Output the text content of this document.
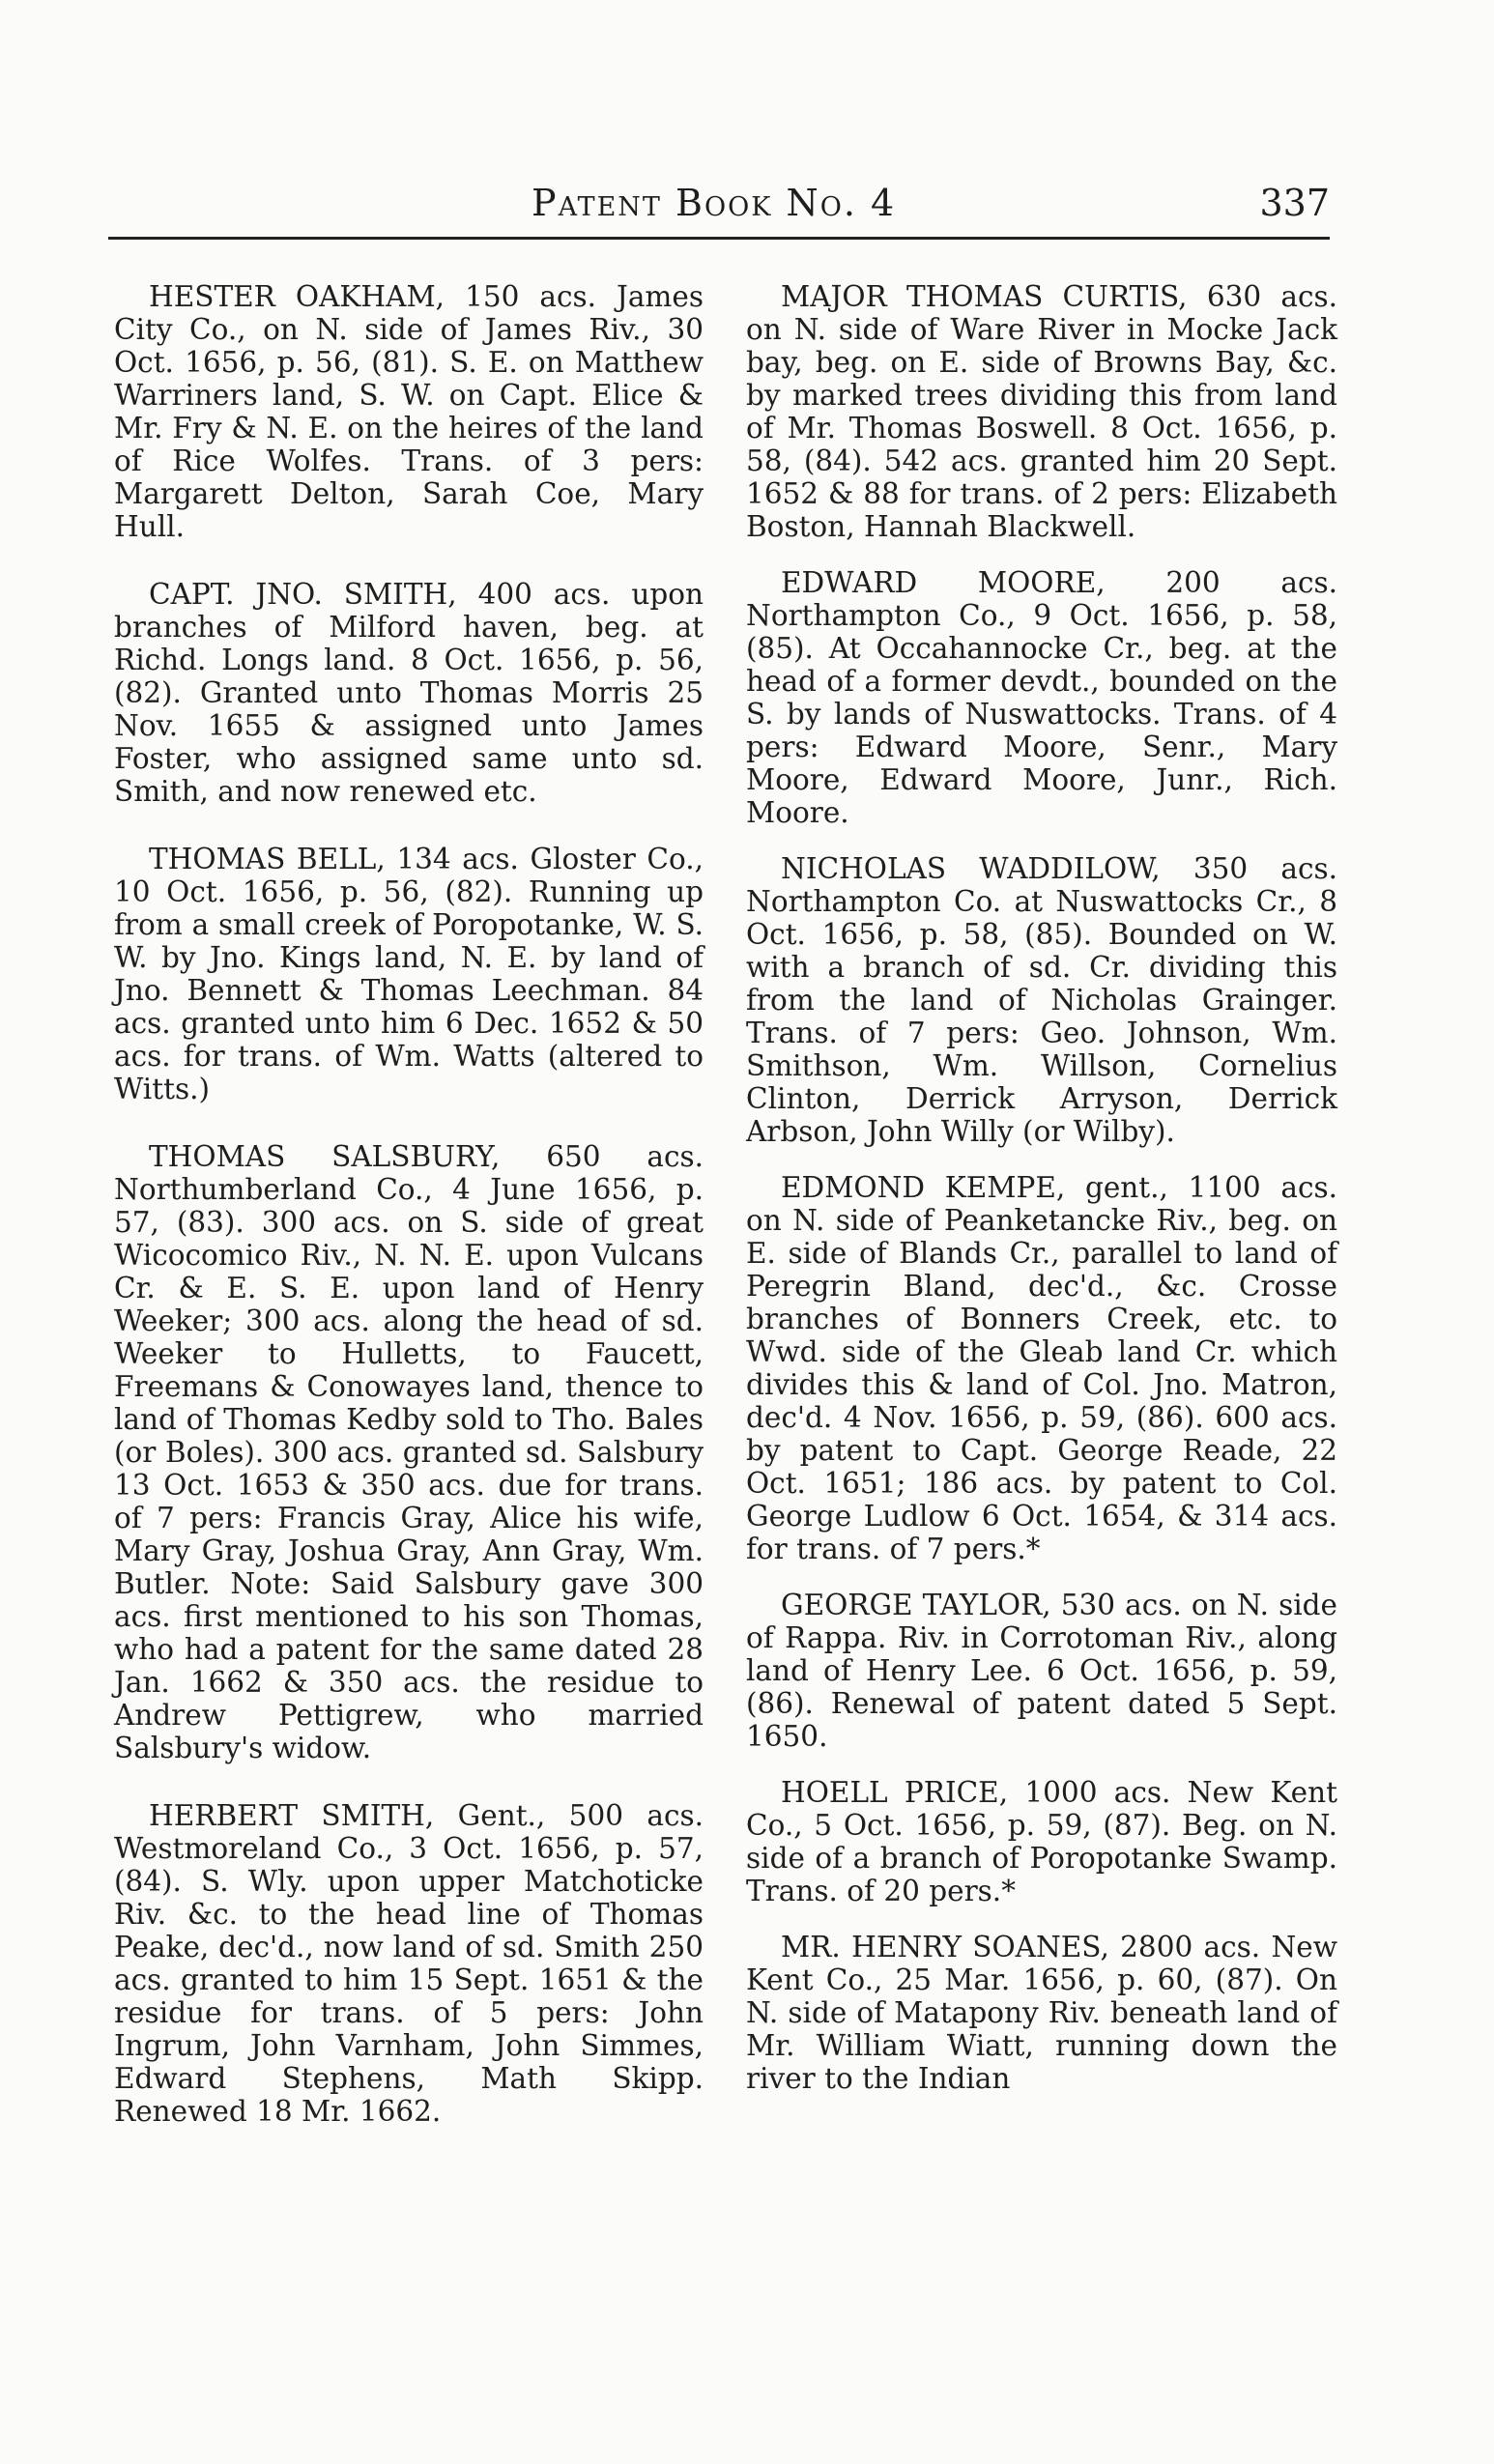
Patent Book No. 4	337

HESTER OAKHAM, 150 acs. James City Co., on N. side of James Riv., 30 Oct. 1656, p. 56, (81). S. E. on Matthew Warriners land, S. W. on Capt. Elice & Mr. Fry & N. E. on the heires of the land of Rice Wolfes. Trans. of 3 pers: Margarett Delton, Sarah Coe, Mary Hull.

CAPT. JNO. SMITH, 400 acs. upon branches of Milford haven, beg. at Richd. Longs land. 8 Oct. 1656, p. 56, (82). Granted unto Thomas Morris 25 Nov. 1655 & assigned unto James Foster, who assigned same unto sd. Smith, and now renewed etc.

THOMAS BELL, 134 acs. Gloster Co., 10 Oct. 1656, p. 56, (82). Running up from a small creek of Poropotanke, W. S. W. by Jno. Kings land, N. E. by land of Jno. Bennett & Thomas Leechman. 84 acs. granted unto him 6 Dec. 1652 & 50 acs. for trans. of Wm. Watts (altered to Witts.)

THOMAS SALSBURY, 650 acs. Northumberland Co., 4 June 1656, p. 57, (83). 300 acs. on S. side of great Wicocomico Riv., N. N. E. upon Vulcans Cr. & E. S. E. upon land of Henry Weeker; 300 acs. along the head of sd. Weeker to Hulletts, to Faucett, Freemans & Conowayes land, thence to land of Thomas Kedby sold to Tho. Bales (or Boles). 300 acs. granted sd. Salsbury 13 Oct. 1653 & 350 acs. due for trans. of 7 pers: Francis Gray, Alice his wife, Mary Gray, Joshua Gray, Ann Gray, Wm. Butler. Note: Said Salsbury gave 300 acs. first mentioned to his son Thomas, who had a patent for the same dated 28 Jan. 1662 & 350 acs. the residue to Andrew Pettigrew, who married Salsbury's widow.

HERBERT SMITH, Gent., 500 acs. Westmoreland Co., 3 Oct. 1656, p. 57, (84). S. Wly. upon upper Matchoticke Riv. &c. to the head line of Thomas Peake, dec'd., now land of sd. Smith 250 acs. granted to him 15 Sept. 1651 & the residue for trans. of 5 pers: John Ingrum, John Varnham, John Simmes, Edward Stephens, Math Skipp. Renewed 18 Mr. 1662.

MAJOR THOMAS CURTIS, 630 acs. on N. side of Ware River in Mocke Jack bay, beg. on E. side of Browns Bay, &c. by marked trees dividing this from land of Mr. Thomas Boswell. 8 Oct. 1656, p. 58, (84). 542 acs. granted him 20 Sept. 1652 & 88 for trans. of 2 pers: Elizabeth Boston, Hannah Blackwell.

EDWARD MOORE, 200 acs. Northampton Co., 9 Oct. 1656, p. 58, (85). At Occahannocke Cr., beg. at the head of a former devdt., bounded on the S. by lands of Nuswattocks. Trans. of 4 pers: Edward Moore, Senr., Mary Moore, Edward Moore, Junr., Rich. Moore.

NICHOLAS WADDILOW, 350 acs. Northampton Co. at Nuswattocks Cr., 8 Oct. 1656, p. 58, (85). Bounded on W. with a branch of sd. Cr. dividing this from the land of Nicholas Grainger. Trans. of 7 pers: Geo. Johnson, Wm. Smithson, Wm. Willson, Cornelius Clinton, Derrick Arryson, Derrick Arbson, John Willy (or Wilby).

EDMOND KEMPE, gent., 1100 acs. on N. side of Peanketancke Riv., beg. on E. side of Blands Cr., parallel to land of Peregrin Bland, dec'd., &c. Crosse branches of Bonners Creek, etc. to Wwd. side of the Gleab land Cr. which divides this & land of Col. Jno. Matron, dec'd. 4 Nov. 1656, p. 59, (86). 600 acs. by patent to Capt. George Reade, 22 Oct. 1651; 186 acs. by patent to Col. George Ludlow 6 Oct. 1654, & 314 acs. for trans. of 7 pers.*

GEORGE TAYLOR, 530 acs. on N. side of Rappa. Riv. in Corrotoman Riv., along land of Henry Lee. 6 Oct. 1656, p. 59, (86). Renewal of patent dated 5 Sept. 1650.

HOELL PRICE, 1000 acs. New Kent Co., 5 Oct. 1656, p. 59, (87). Beg. on N. side of a branch of Poropotanke Swamp. Trans. of 20 pers.*

MR. HENRY SOANES, 2800 acs. New Kent Co., 25 Mar. 1656, p. 60, (87). On N. side of Matapony Riv. beneath land of Mr. William Wiatt, running down the river to the Indian
